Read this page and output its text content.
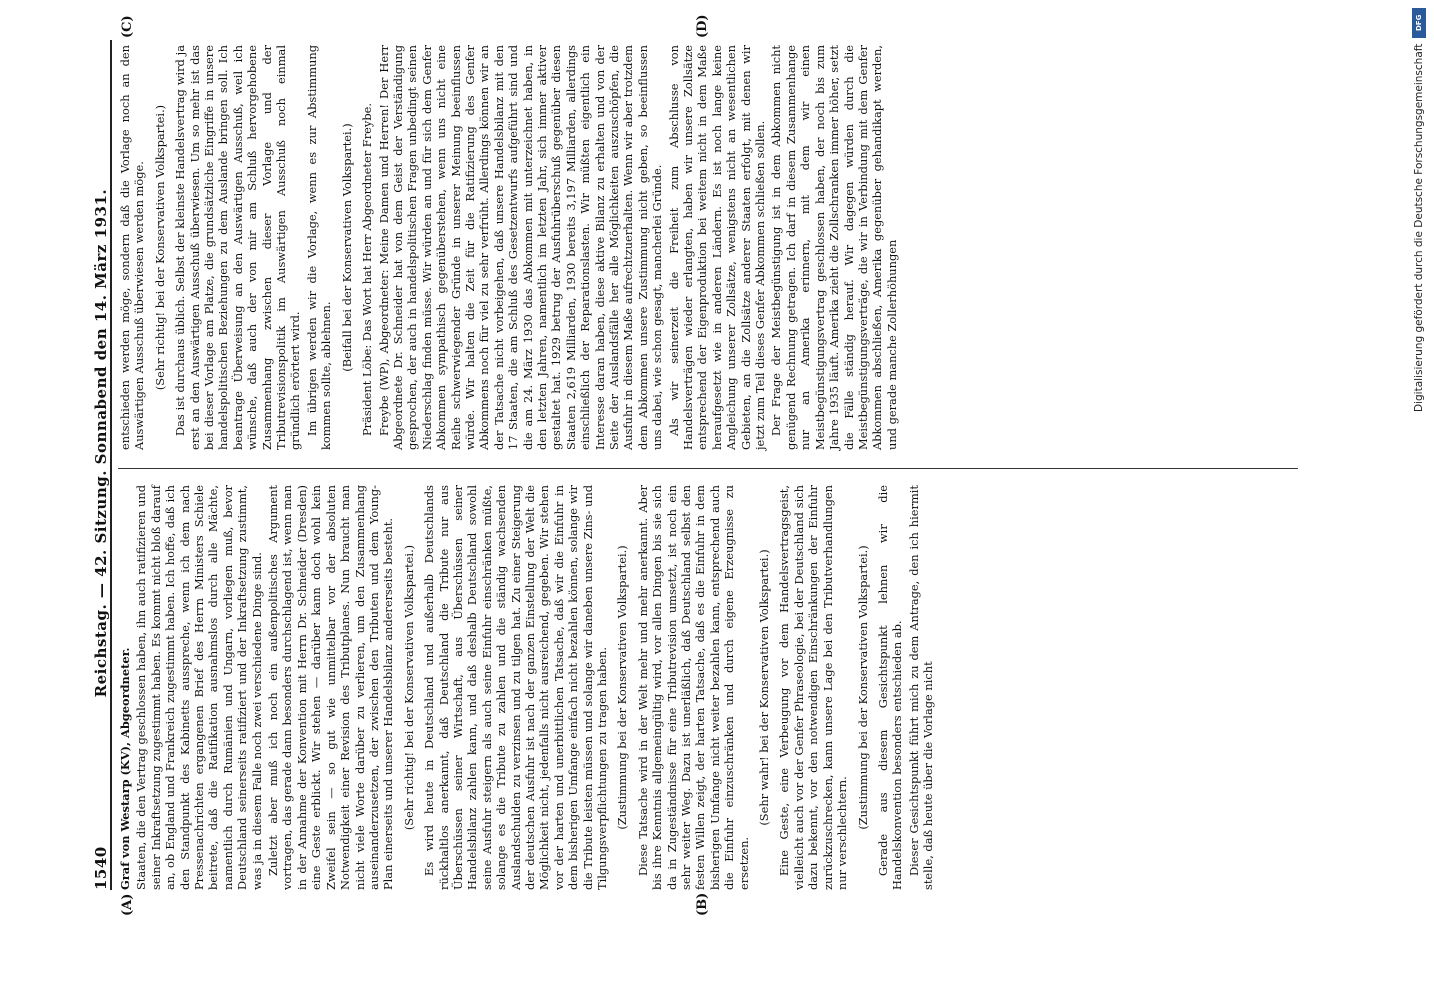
1540
Reichstag. — 42. Sitzung. Sonnabend den 14. März 1931.
(A)	(B)
(C)	(D)

Graf von Westarp (KV), Abgeordneter. Staaten, die den Vertrag geschlossen haben, ihn auch ratifizieren und seiner Inkraftsetzung zugestimmt haben. Es kommt nicht bloß darauf an, ob England und Frankreich zugestimmt haben. Ich hoffe, daß ich den Standpunkt des Kabinetts ausspreche, wenn ich dem nach Pressenachrichten ergangenen Brief des Herrn Ministers Schiele beitrete, daß die Ratifikation ausnahmslos durch alle Mächte, namentlich durch Rumänien und Ungarn, vorliegen muß, bevor Deutschland seinerseits ratifiziert und der Inkraftsetzung zustimmt, was ja in diesem Falle noch zwei verschiedene Dinge sind. Zuletzt aber muß ich noch ein außenpolitisches Argument vortragen, das gerade dann besonders durchschlagend ist, wenn man in der Annahme der Konvention mit Herrn Dr. Schneider (Dresden) eine Geste erblickt. Wir stehen — darüber kann doch wohl kein Zweifel sein — so gut wie unmittelbar vor der absoluten Notwendigkeit einer Revision des Tributplanes. Nun braucht man nicht viele Worte darüber zu verlieren, um den Zusammenhang auseinanderzusetzen, der zwischen den Tributen und dem Young-Plan einerseits und unserer Handelsbilanz andererseits besteht. (Sehr richtig! bei der Konservativen Volkspartei.) Es wird heute in Deutschland und außerhalb Deutschlands rückhaltlos anerkannt, daß Deutschland die Tribute nur aus Überschüssen seiner Wirtschaft, aus Überschüssen seiner Handelsbilanz zahlen kann, und daß deshalb Deutschland sowohl seine Ausfuhr steigern als auch seine Einfuhr einschränken müßte, solange es die Tribute zu zahlen und die ständig wachsenden Auslandschulden zu verzinsen und zu tilgen hat. Zu einer Steigerung der deutschen Ausfuhr ist nach der ganzen Einstellung der Welt die Möglichkeit nicht, jedenfalls nicht ausreichend, gegeben. Wir stehen vor der harten und unerbittlichen Tatsache, daß wir die Einfuhr in dem bisherigen Umfange einfach nicht bezahlen können, solange wir die Tribute leisten müssen und solange wir daneben unsere Zins- und Tilgungsverpflichtungen zu tragen haben. (Zustimmung bei der Konservativen Volkspartei.) Diese Tatsache wird in der Welt mehr und mehr anerkannt. Aber bis ihre Kenntnis allgemeingültig wird, vor allen Dingen bis sie sich da in Zugeständnisse für eine Tributrevision umsetzt, ist noch ein sehr weiter Weg. Dazu ist unerläßlich, daß Deutschland selbst den festen Willen zeigt, der harten Tatsache, daß es die Einfuhr in dem bisherigen Umfange nicht weiter bezahlen kann, entsprechend auch die Einfuhr einzuschränken und durch eigene Erzeugnisse zu ersetzen.

(Sehr wahr! bei der Konservativen Volkspartei.) Eine Geste, eine Verbeugung vor dem Handelsvertragsgeist, vielleicht auch vor der Genfer Phraseologie, bei der Deutschland sich dazu bekennt, vor den notwendigen Einschränkungen der Einfuhr zurückzuschrecken, kann unsere Lage bei den Tributverhandlungen nur verschlechtern.

(Zustimmung bei der Konservativen Volkspartei.) Gerade aus diesem Gesichtspunkt lehnen wir die Handelskonvention besonders entschieden ab. Dieser Gesichtspunkt führt mich zu dem Antrage, den ich hiermit stelle, daß heute über die Vorlage nicht

entschieden werden möge, sondern daß die Vorlage noch an den Auswärtigen Ausschuß überwiesen werden möge. (Sehr richtig! bei der Konservativen Volkspartei.) Das ist durchaus üblich. Selbst der kleinste Handelsvertrag wird ja erst an den Auswärtigen Ausschuß überwiesen. Um so mehr ist das bei dieser Vorlage am Platze, die grundsätzliche Eingriffe in unsere handelspolitischen Beziehungen zu dem Auslande bringen soll. Ich beantrage Überweisung an den Auswärtigen Ausschuß, weil ich wünsche, daß auch der von mir am Schluß hervorgehobene Zusammenhang zwischen dieser Vorlage und der Tributrevisionspolitik im Auswärtigen Ausschuß noch einmal gründlich erörtert wird. Im übrigen werden wir die Vorlage, wenn es zur Abstimmung kommen sollte, ablehnen.

(Beifall bei der Konservativen Volkspartei.) Präsident Löbe: Das Wort hat Herr Abgeordneter Freybe. Freybe (WP), Abgeordneter: Meine Damen und Herren! Der Herr Abgeordnete Dr. Schneider hat von dem Geist der Verständigung gesprochen, der auch in handelspolitischen Fragen unbedingt seinen Niederschlag finden müsse. Wir würden an und für sich dem Genfer Abkommen sympathisch gegenüberstehen, wenn uns nicht eine Reihe schwerwiegender Gründe in unserer Meinung beeinflussen würde. Wir halten die Zeit für die Ratifizierung des Genfer Abkommens noch für viel zu sehr verfrüht. Allerdings können wir an der Tatsache nicht vorbeigehen, daß unsere Handelsbilanz mit den 17 Staaten, die am Schluß des Gesetzentwurfs aufgeführt sind und die am 24. März 1930 das Abkommen mit unterzeichnet haben, in den letzten Jahren, namentlich im letzten Jahr, sich immer aktiver gestaltet hat. 1929 betrug der Ausfuhrüberschuß gegenüber diesen Staaten 2,619 Milliarden, 1930 bereits 3,197 Milliarden, allerdings einschließlich der Reparationslasten. Wir müßten eigentlich ein Interesse daran haben, diese aktive Bilanz zu erhalten und von der Seite der Auslandsfälle her alle Möglichkeiten auszuschöpfen, die Ausfuhr in diesem Maße aufrechtzuerhalten. Wenn wir aber trotzdem dem Abkommen unsere Zustimmung nicht geben, so beeinflussen uns dabei, wie schon gesagt, mancherlei Gründe. Als wir seinerzeit die Freiheit zum Abschlusse von Handelsverträgen wieder erlangten, haben wir unsere Zollsätze entsprechend der Eigenproduktion bei weitem nicht in dem Maße heraufgesetzt wie in anderen Ländern. Es ist noch lange keine Angleichung unserer Zollsätze, wenigstens nicht an wesentlichen Gebieten, an die Zollsätze anderer Staaten erfolgt, mit denen wir jetzt zum Teil dieses Genfer Abkommen schließen sollen. Der Frage der Meistbegünstigung ist in dem Abkommen nicht genügend Rechnung getragen. Ich darf in diesem Zusammenhange nur an Amerika erinnern, mit dem wir einen Meistbegünstigungsvertrag geschlossen haben, der noch bis zum Jahre 1935 läuft. Amerika zieht die Zollschranken immer höher, setzt die Fälle ständig herauf. Wir dagegen würden durch die Meistbegünstigungsverträge, die wir in Verbindung mit dem Genfer Abkommen abschließen, Amerika gegenüber gehandikapt werden, und gerade manche Zollerhöhungen

DFG
Digitalisierung gefördert durch die Deutsche Forschungsgemeinschaft
